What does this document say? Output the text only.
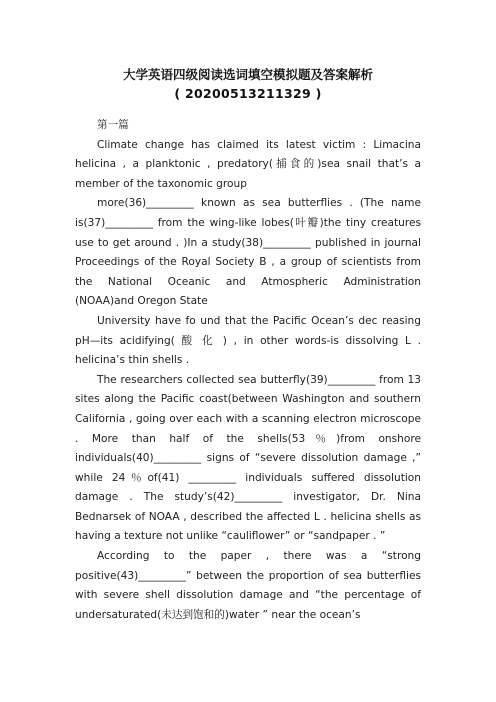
大学英语四级阅读选词填空模拟题及答案解析
( 20200513211329 )

第一篇

Climate change has claimed its latest victim : Limacina helicina , a planktonic , predatory(捕食的)sea snail that’s a member of the taxonomic group

more(36)_________ known as sea butterflies . (The name is(37)_________ from the wing-like lobes(叶瓣)the tiny creatures use to get around . )In a study(38)_________ published in journal Proceedings of the Royal Society B , a group of scientists from the National Oceanic and Atmospheric Administration (NOAA)and Oregon State

University have fo und that the Pacific Ocean’s dec reasing pH—its acidifying( 酸 化 ) , in other words-is dissolving L . helicina’s thin shells .

The researchers collected sea butterfly(39)_________ from 13 sites along the Pacific coast(between Washington and southern California , going over each with a scanning electron microscope . More than half of the shells(53％)from onshore individuals(40)_________ signs of “severe dissolution damage ,” while 24％of(41) _________ individuals suffered dissolution damage . The study’s(42)_________ investigator, Dr. Nina Bednarsek of NOAA , described the affected L . helicina shells as having a texture not unlike “cauliflower” or “sandpaper . ”

According to the paper , there was a “strong positive(43)_________” between the proportion of sea butterflies with severe shell dissolution damage and “the percentage of undersaturated(未达到饱和的)water ” near the ocean’s
